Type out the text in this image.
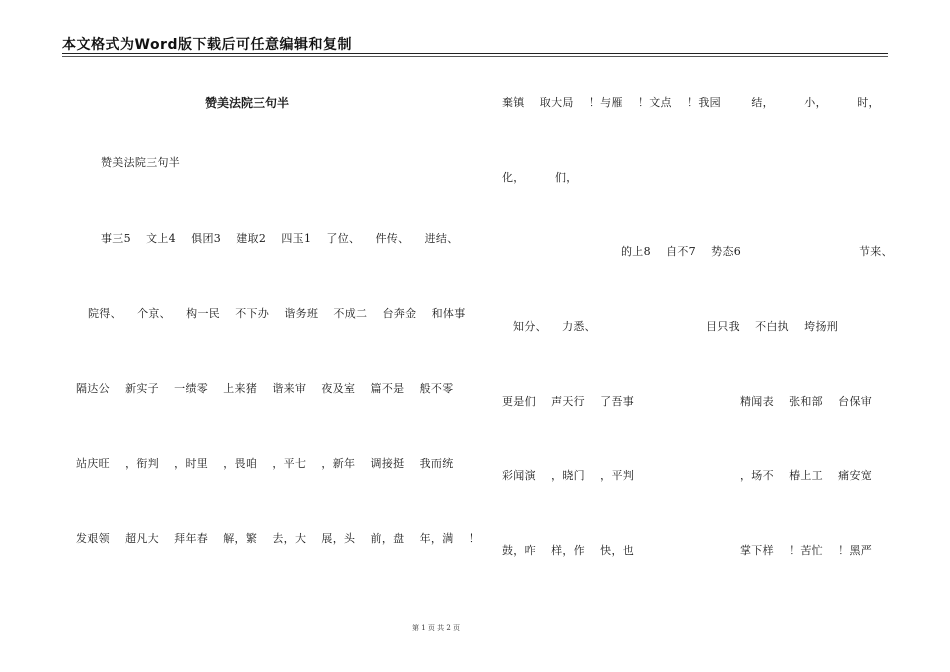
本文格式为Word版下载后可任意编辑和复制
赞美法院三句半
赞美法院三句半
事三5    文上4    俱团3    建取2    四玉1    了位、    件传、    进结、
院得、    个京、    构一民    不下办    谐务班    不成二    台奔金    和体事
隔达公    新实子    一绩零    上来猪    谐来审    夜及室    篇不是    般不零
站庆旺    ，衔判    ，时里    ，畏咱    ，平七    ，新年    调接挺    我而统
发艰领    超凡大    拜年春    解，繁    去，大    展，头    前，盘    年，满    ！
棄镇    取大局    ！与雁    ！文点    ！我园        结，        小，        时，
化，        们，
的上8    自不7    势态6	节来、
知分、    力悉、	目只我    不白执    垮扬刑
更是们    声天行    了吾事	精闻表    张和部    台保审
彩闻演    ，晓门    ，平判	，场不    椿上工    痛安宽
鼓，咋    样，作    快，也	掌下样    ！苦忙    ！黑严
第 1 页 共 2 页
